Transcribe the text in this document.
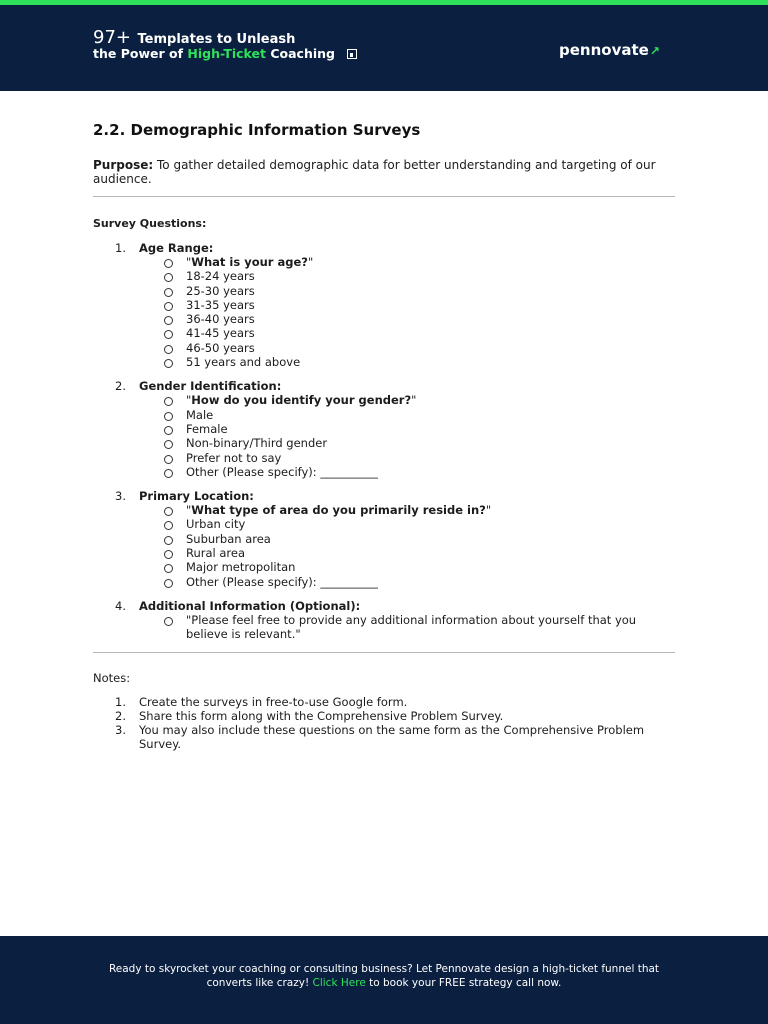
97+ Templates to Unleash
the Power of High-Ticket Coaching	pennovate↗
2.2. Demographic Information Surveys

Purpose: To gather detailed demographic data for better understanding and targeting of our audience.

Survey Questions:
1. Age Range:
"What is your age?"
18-24 years
25-30 years
31-35 years
36-40 years
41-45 years
46-50 years
51 years and above
2. Gender Identification:
"How do you identify your gender?"
Male
Female
Non-binary/Third gender
Prefer not to say
Other (Please specify): __________
3. Primary Location:
"What type of area do you primarily reside in?"
Urban city
Suburban area
Rural area
Major metropolitan
Other (Please specify): __________
4. Additional Information (Optional):
"Please feel free to provide any additional information about yourself that you believe is relevant."
Notes:
1. Create the surveys in free-to-use Google form.
2. Share this form along with the Comprehensive Problem Survey.
3. You may also include these questions on the same form as the Comprehensive Problem Survey.

Ready to skyrocket your coaching or consulting business? Let Pennovate design a high-ticket funnel that converts like crazy! Click Here to book your FREE strategy call now.
